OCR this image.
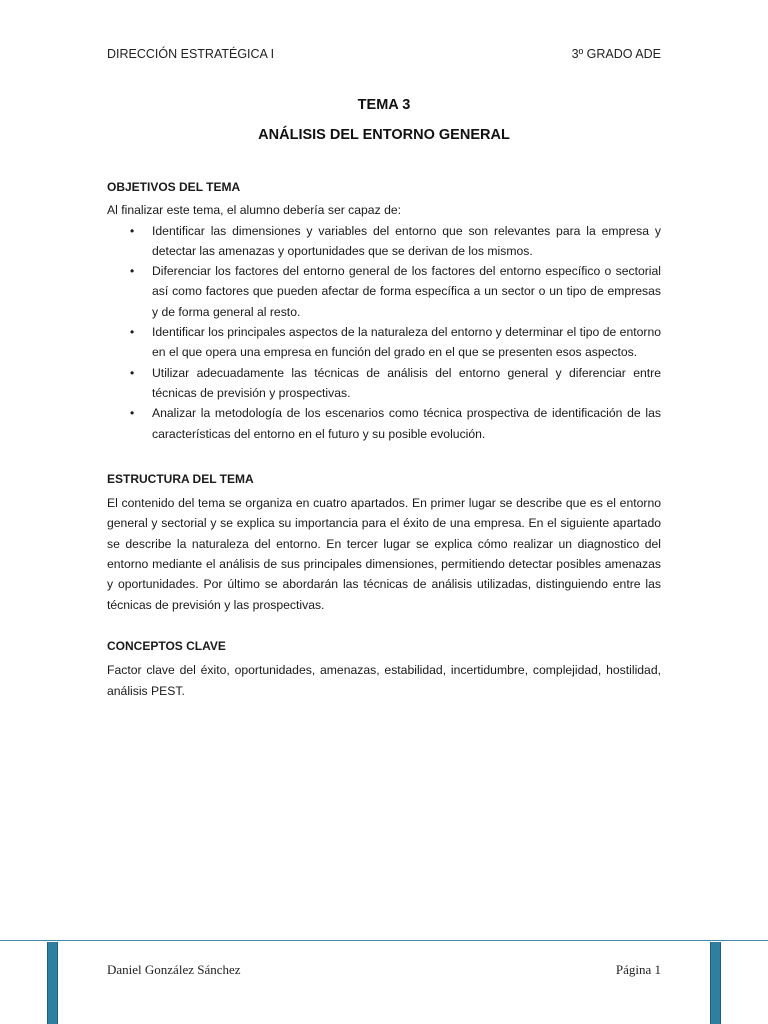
DIRECCIÓN ESTRATÉGICA I	3º GRADO ADE
TEMA 3
ANÁLISIS DEL ENTORNO GENERAL

OBJETIVOS DEL TEMA

Al finalizar este tema, el alumno debería ser capaz de:

• Identificar las dimensiones y variables del entorno que son relevantes para la empresa y detectar las amenazas y oportunidades que se derivan de los mismos.
• Diferenciar los factores del entorno general de los factores del entorno específico o sectorial así como factores que pueden afectar de forma específica a un sector o un tipo de empresas y de forma general al resto.
• Identificar los principales aspectos de la naturaleza del entorno y determinar el tipo de entorno en el que opera una empresa en función del grado en el que se presenten esos aspectos.
• Utilizar adecuadamente las técnicas de análisis del entorno general y diferenciar entre técnicas de previsión y prospectivas.
• Analizar la metodología de los escenarios como técnica prospectiva de identificación de las características del entorno en el futuro y su posible evolución.

ESTRUCTURA DEL TEMA

El contenido del tema se organiza en cuatro apartados. En primer lugar se describe que es el entorno general y sectorial y se explica su importancia para el éxito de una empresa. En el siguiente apartado se describe la naturaleza del entorno. En tercer lugar se explica cómo realizar un diagnostico del entorno mediante el análisis de sus principales dimensiones, permitiendo detectar posibles amenazas y oportunidades. Por último se abordarán las técnicas de análisis utilizadas, distinguiendo entre las técnicas de previsión y las prospectivas.

CONCEPTOS CLAVE

Factor clave del éxito, oportunidades, amenazas, estabilidad, incertidumbre, complejidad, hostilidad, análisis PEST.

Daniel González Sánchez	Página 1
